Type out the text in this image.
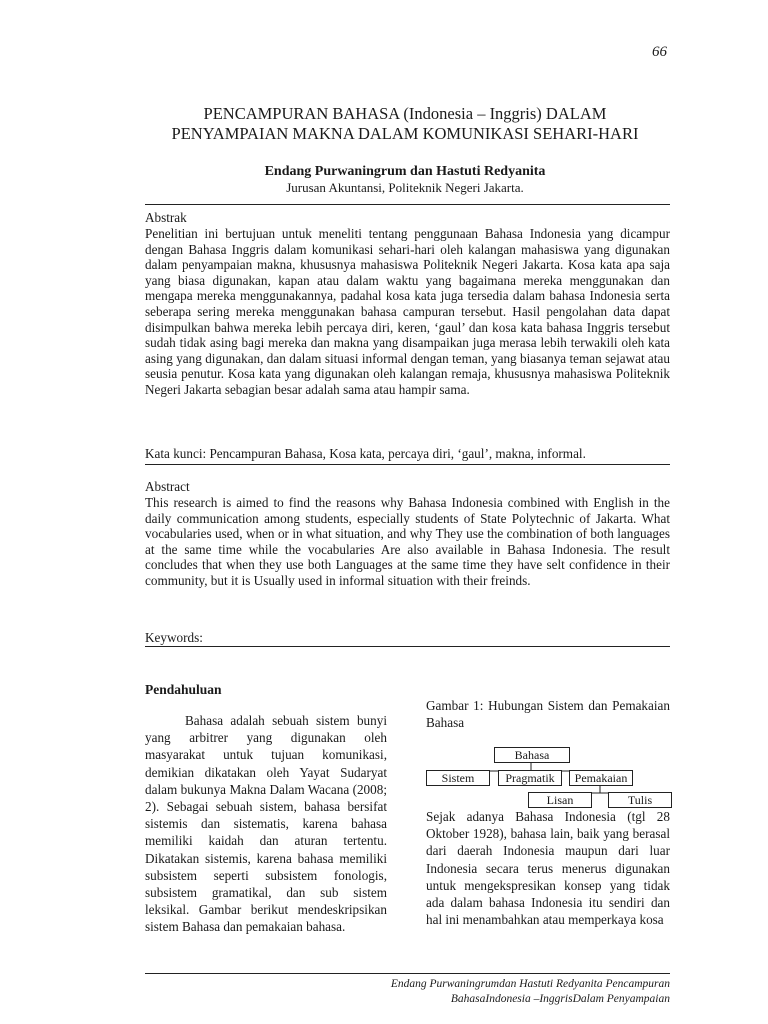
66
PENCAMPURAN BAHASA (Indonesia – Inggris) DALAM
PENYAMPAIAN MAKNA DALAM KOMUNIKASI SEHARI-HARI
Endang Purwaningrum dan Hastuti Redyanita
Jurusan Akuntansi, Politeknik Negeri Jakarta.
Abstrak
Penelitian ini bertujuan untuk meneliti tentang penggunaan Bahasa Indonesia yang dicampur dengan Bahasa Inggris dalam komunikasi sehari-hari oleh kalangan mahasiswa yang digunakan dalam penyampaian makna, khususnya mahasiswa Politeknik Negeri Jakarta. Kosa kata apa saja yang biasa digunakan, kapan atau dalam waktu yang bagaimana mereka menggunakan dan mengapa mereka menggunakannya, padahal kosa kata juga tersedia dalam bahasa Indonesia serta seberapa sering mereka menggunakan bahasa campuran tersebut. Hasil pengolahan data dapat disimpulkan bahwa mereka lebih percaya diri, keren, ‘gaul’ dan kosa kata bahasa Inggris tersebut sudah tidak asing bagi mereka dan makna yang disampaikan juga merasa lebih terwakili oleh kata asing yang digunakan, dan dalam situasi informal dengan teman, yang biasanya teman sejawat atau seusia penutur. Kosa kata yang digunakan oleh kalangan remaja, khususnya mahasiswa Politeknik Negeri Jakarta sebagian besar adalah sama atau hampir sama.
Kata kunci: Pencampuran Bahasa, Kosa kata, percaya diri, ‘gaul’, makna, informal.
Abstract
This research is aimed to find the reasons why Bahasa Indonesia combined with English in the daily communication among students, especially students of State Polytechnic of Jakarta. What vocabularies used, when or in what situation, and why They use the combination of both languages at the same time while the vocabularies Are also available in Bahasa Indonesia. The result concludes that when they use both Languages at the same time they have selt confidence in their community, but it is Usually used in informal situation with their freinds.
Keywords:
Pendahuluan

Bahasa adalah sebuah sistem bunyi yang arbitrer yang digunakan oleh masyarakat untuk tujuan komunikasi, demikian dikatakan oleh Yayat Sudaryat dalam bukunya Makna Dalam Wacana (2008; 2). Sebagai sebuah sistem, bahasa bersifat sistemis dan sistematis, karena bahasa memiliki kaidah dan aturan tertentu. Dikatakan sistemis, karena bahasa memiliki subsistem seperti subsistem fonologis, subsistem gramatikal, dan sub sistem leksikal. Gambar berikut mendeskripsikan sistem Bahasa dan pemakaian bahasa.

Gambar 1: Hubungan Sistem dan Pemakaian Bahasa
Bahasa
Sistem	Pragmatik	Pemakaian
Lisan	Tulis
Sejak adanya Bahasa Indonesia (tgl 28 Oktober 1928), bahasa lain, baik yang berasal dari daerah Indonesia maupun dari luar Indonesia secara terus menerus digunakan untuk mengekspresikan konsep yang tidak ada dalam bahasa Indonesia itu sendiri dan hal ini menambahkan atau memperkaya kosa
Endang Purwaningrumdan Hastuti Redyanita Pencampuran
BahasaIndonesia –InggrisDalam Penyampaian
